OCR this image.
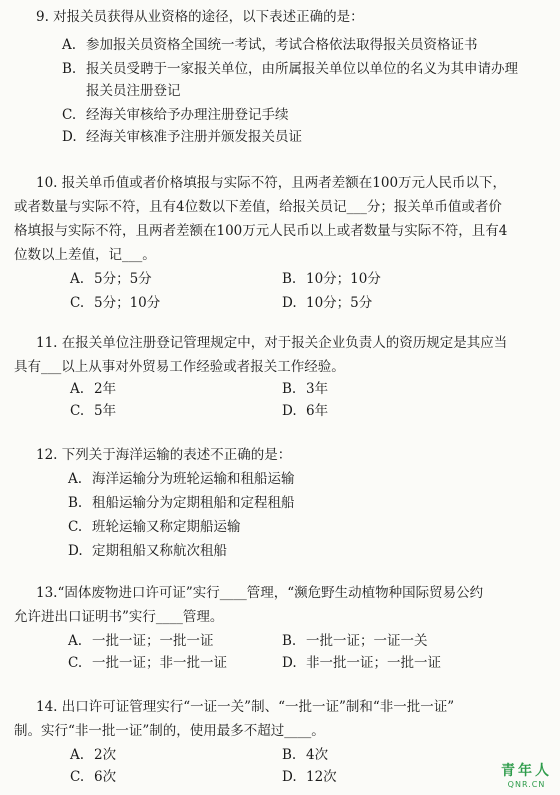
9. 对报关员获得从业资格的途径，以下表述正确的是：
A. 参加报关员资格全国统一考试，考试合格依法取得报关员资格证书
B. 报关员受聘于一家报关单位，由所属报关单位以单位的名义为其申请办理
报关员注册登记
C. 经海关审核给予办理注册登记手续
D. 经海关审核准予注册并颁发报关员证
10. 报关单币值或者价格填报与实际不符，且两者差额在100万元人民币以下，
或者数量与实际不符，且有4位数以下差值，给报关员记___分；报关单币值或者价
格填报与实际不符，且两者差额在100万元人民币以上或者数量与实际不符，且有4
位数以上差值，记___。
A. 5分；5分	B. 10分；10分
C. 5分；10分	D. 10分；5分
11. 在报关单位注册登记管理规定中，对于报关企业负责人的资历规定是其应当
具有___以上从事对外贸易工作经验或者报关工作经验。
A. 2年	B. 3年
C. 5年	D. 6年
12. 下列关于海洋运输的表述不正确的是：
A. 海洋运输分为班轮运输和租船运输
B. 租船运输分为定期租船和定程租船
C. 班轮运输又称定期船运输
D. 定期租船又称航次租船
13.“固体废物进口许可证”实行____管理，“濒危野生动植物种国际贸易公约
允许进出口证明书”实行____管理。
A. 一批一证；一批一证	B. 一批一证；一证一关
C. 一批一证；非一批一证	D. 非一批一证；一批一证
14. 出口许可证管理实行“一证一关”制、“一批一证”制和“非一批一证”
制。实行“非一批一证”制的，使用最多不超过____。
A. 2次	B. 4次
C. 6次	D. 12次	青年人
QNR.CN
